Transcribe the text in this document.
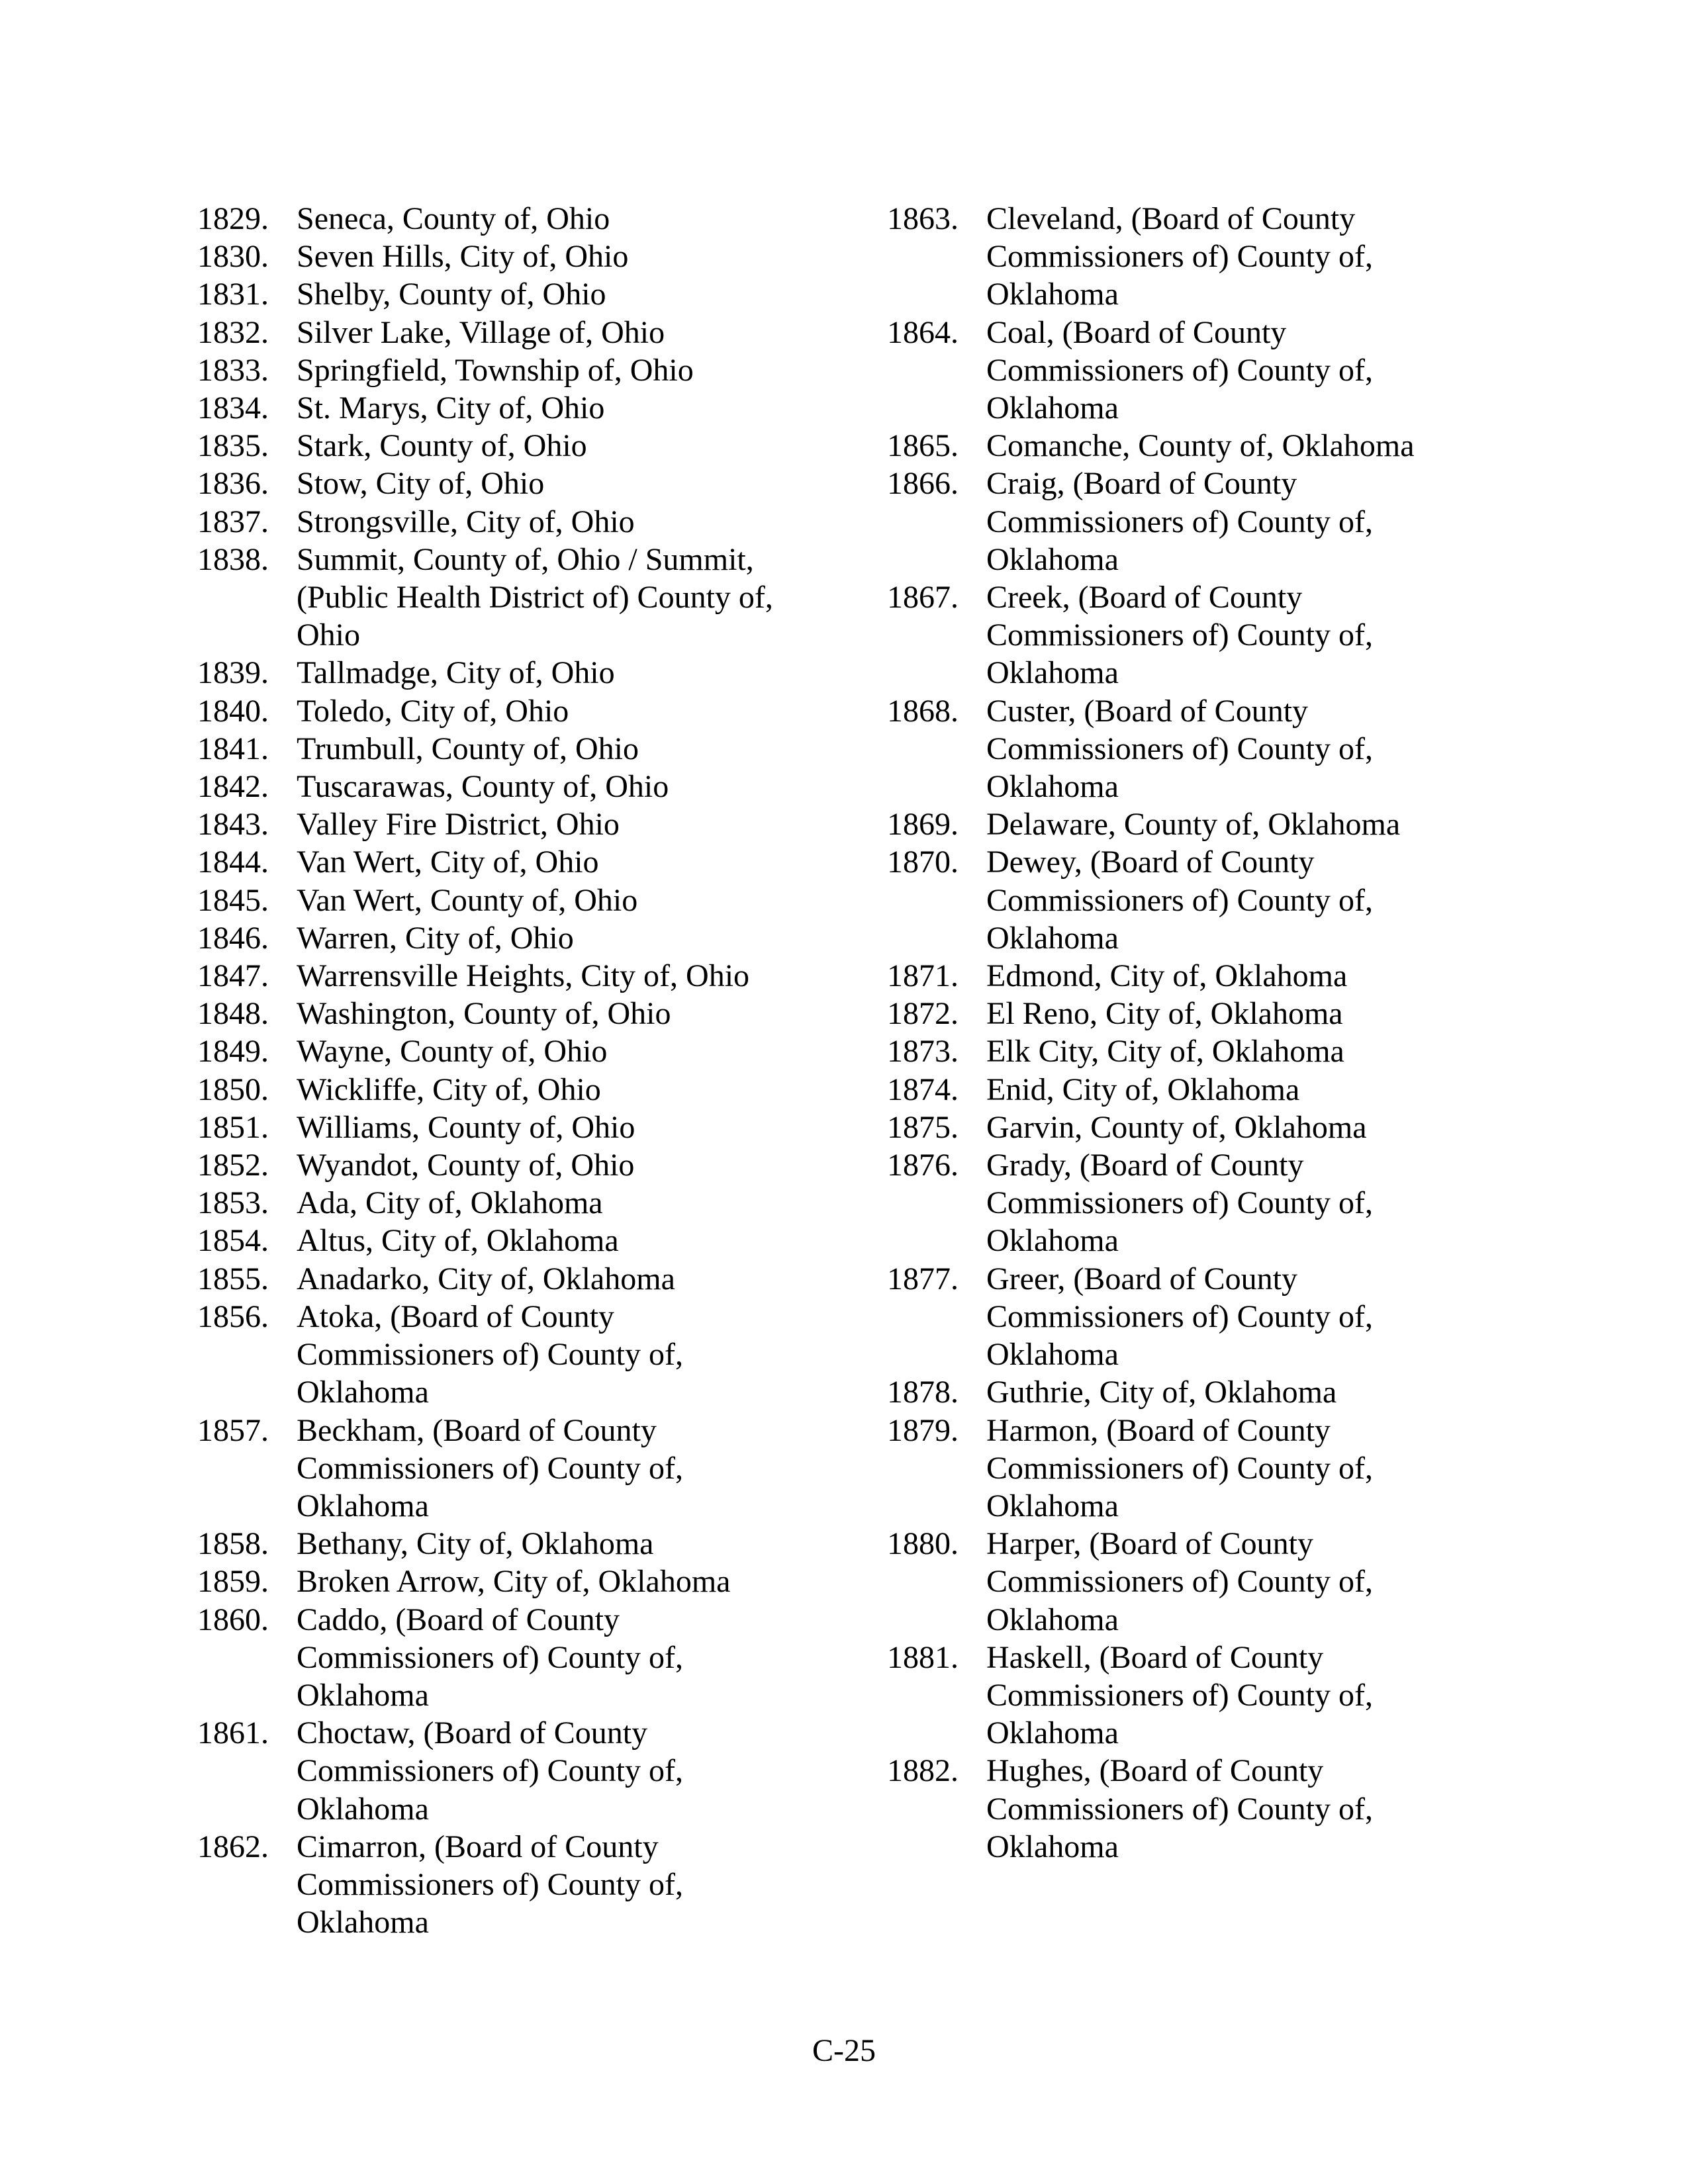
1829. Seneca, County of, Ohio
1830. Seven Hills, City of, Ohio
1831. Shelby, County of, Ohio
1832. Silver Lake, Village of, Ohio
1833. Springfield, Township of, Ohio
1834. St. Marys, City of, Ohio
1835. Stark, County of, Ohio
1836. Stow, City of, Ohio
1837. Strongsville, City of, Ohio
1838. Summit, County of, Ohio / Summit,
(Public Health District of) County of,
Ohio
1839. Tallmadge, City of, Ohio
1840. Toledo, City of, Ohio
1841. Trumbull, County of, Ohio
1842. Tuscarawas, County of, Ohio
1843. Valley Fire District, Ohio
1844. Van Wert, City of, Ohio
1845. Van Wert, County of, Ohio
1846. Warren, City of, Ohio
1847. Warrensville Heights, City of, Ohio
1848. Washington, County of, Ohio
1849. Wayne, County of, Ohio
1850. Wickliffe, City of, Ohio
1851. Williams, County of, Ohio
1852. Wyandot, County of, Ohio
1853. Ada, City of, Oklahoma
1854. Altus, City of, Oklahoma
1855. Anadarko, City of, Oklahoma
1856. Atoka, (Board of County
Commissioners of) County of,
Oklahoma
1857. Beckham, (Board of County
Commissioners of) County of,
Oklahoma
1858. Bethany, City of, Oklahoma
1859. Broken Arrow, City of, Oklahoma
1860. Caddo, (Board of County
Commissioners of) County of,
Oklahoma
1861. Choctaw, (Board of County
Commissioners of) County of,
Oklahoma
1862. Cimarron, (Board of County
Commissioners of) County of,
Oklahoma
1863. Cleveland, (Board of County
Commissioners of) County of,
Oklahoma
1864. Coal, (Board of County
Commissioners of) County of,
Oklahoma
1865. Comanche, County of, Oklahoma
1866. Craig, (Board of County
Commissioners of) County of,
Oklahoma
1867. Creek, (Board of County
Commissioners of) County of,
Oklahoma
1868. Custer, (Board of County
Commissioners of) County of,
Oklahoma
1869. Delaware, County of, Oklahoma
1870. Dewey, (Board of County
Commissioners of) County of,
Oklahoma
1871. Edmond, City of, Oklahoma
1872. El Reno, City of, Oklahoma
1873. Elk City, City of, Oklahoma
1874. Enid, City of, Oklahoma
1875. Garvin, County of, Oklahoma
1876. Grady, (Board of County
Commissioners of) County of,
Oklahoma
1877. Greer, (Board of County
Commissioners of) County of,
Oklahoma
1878. Guthrie, City of, Oklahoma
1879. Harmon, (Board of County
Commissioners of) County of,
Oklahoma
1880. Harper, (Board of County
Commissioners of) County of,
Oklahoma
1881. Haskell, (Board of County
Commissioners of) County of,
Oklahoma
1882. Hughes, (Board of County
Commissioners of) County of,
Oklahoma
C-25
